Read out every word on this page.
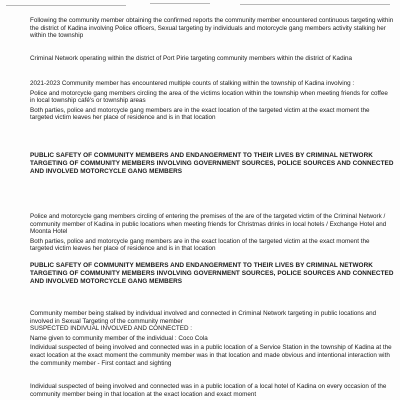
Following the community member obtaining the confirmed reports the community member encountered continuous targeting within the district of Kadina involving Police officers, Sexual targeting by individuals and motorcycle gang members activity stalking her within the township

Criminal Network operating within the district of Port Pirie targeting community members within the district of Kadina

2021-2023 Community member has encountered multiple counts of stalking within the township of Kadina involving :

Police and motorcycle gang members circling the area of the victims location within the township when meeting friends for coffee in local township café's or township areas

Both parties, police and motorcycle gang members are in the exact location of the targeted victim at the exact moment the targeted victim leaves her place of residence and is in that location

PUBLIC SAFETY OF COMMUNITY MEMBERS AND ENDANGERMENT TO THEIR LIVES BY CRIMINAL NETWORK TARGETING OF COMMUNITY MEMBERS INVOLVING GOVERNMENT SOURCES, POLICE SOURCES AND CONNECTED AND INVOLVED MOTORCYCLE GANG MEMBERS

Police and motorcycle gang members circling of entering the premises of the are of the targeted victim of the Criminal Network / community member of Kadina in public locations when meeting friends for Christmas drinks in local hotels / Exchange Hotel and Moonta Hotel

Both parties, police and motorcycle gang members are in the exact location of the targeted victim at the exact moment the targeted victim leaves her place of residence and is in that location

PUBLIC SAFETY OF COMMUNITY MEMBERS AND ENDANGERMENT TO THEIR LIVES BY CRIMINAL NETWORK TARGETING OF COMMUNITY MEMBERS INVOLVING GOVERNMENT SOURCES, POLICE SOURCES AND CONNECTED AND INVOLVED MOTORCYCLE GANG MEMBERS

Community member being stalked by individual involved and connected in Criminal Network targeting in public locations and involved in Sexual Targeting of the community member

SUSPECTED INDIVUAL INVOLVED AND CONNECTED :

Name given to community member of the individual : Coco Cola

Individual suspected of being involved and connected was in a public location of a Service Station in the township of Kadina at the exact location at the exact moment the community member was in that location and made obvious and intentional interaction with the community member - First contact and sighting

Individual suspected of being involved and connected was in a public location of a local hotel of Kadina on every occasion of the community member being in that location at the exact location and exact moment
